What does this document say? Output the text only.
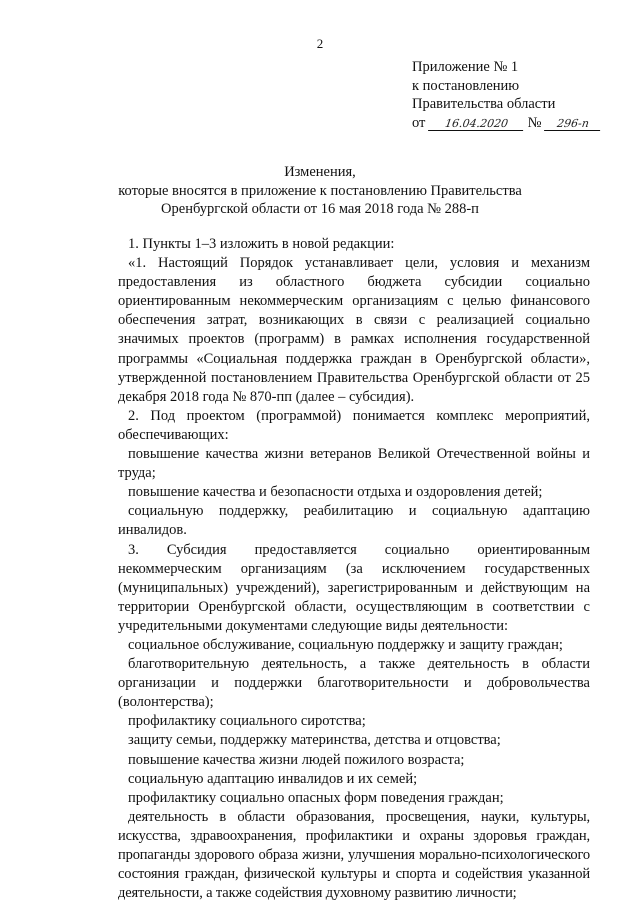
2
Приложение № 1
к постановлению
Правительства области
от 16.04.2020 № 296-п
Изменения,
которые вносятся в приложение к постановлению Правительства
Оренбургской области от 16 мая 2018 года № 288-п

1. Пункты 1–3 изложить в новой редакции:

«1. Настоящий Порядок устанавливает цели, условия и механизм предоставления из областного бюджета субсидии социально ориентированным некоммерческим организациям с целью финансового обеспечения затрат, возникающих в связи с реализацией социально значимых проектов (программ) в рамках исполнения государственной программы «Социальная поддержка граждан в Оренбургской области», утвержденной постановлением Правительства Оренбургской области от 25 декабря 2018 года № 870-пп (далее – субсидия).

2. Под проектом (программой) понимается комплекс мероприятий, обеспечивающих:

повышение качества жизни ветеранов Великой Отечественной войны и труда;

повышение качества и безопасности отдыха и оздоровления детей;

социальную поддержку, реабилитацию и социальную адаптацию инвалидов.

3. Субсидия предоставляется социально ориентированным некоммерческим организациям (за исключением государственных (муниципальных) учреждений), зарегистрированным и действующим на территории Оренбургской области, осуществляющим в соответствии с учредительными документами следующие виды деятельности:

социальное обслуживание, социальную поддержку и защиту граждан;

благотворительную деятельность, а также деятельность в области организации и поддержки благотворительности и добровольчества (волонтерства);

профилактику социального сиротства;

защиту семьи, поддержку материнства, детства и отцовства;

повышение качества жизни людей пожилого возраста;

социальную адаптацию инвалидов и их семей;

профилактику социально опасных форм поведения граждан;

деятельность в области образования, просвещения, науки, культуры, искусства, здравоохранения, профилактики и охраны здоровья граждан, пропаганды здорового образа жизни, улучшения морально-психологического состояния граждан, физической культуры и спорта и содействия указанной деятельности, а также содействия духовному развитию личности;
